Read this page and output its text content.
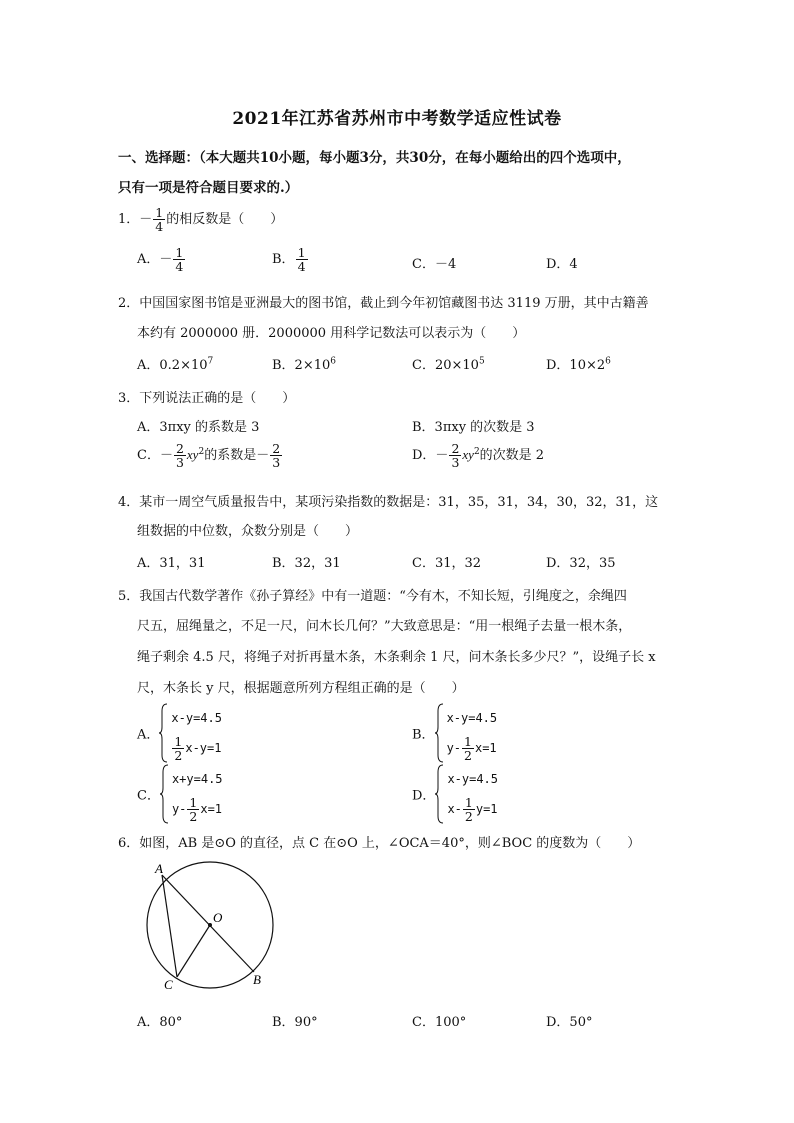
2021年江苏省苏州市中考数学适应性试卷
一、选择题：（本大题共10小题，每小题3分，共30分，在每小题给出的四个选项中，
只有一项是符合题目要求的.）
1．－ $\frac{1}{4}$ 的相反数是（　　）
A．－ $\frac{1}{4}$	B． $\frac{1}{4}$	C．－4	D．4
2．中国国家图书馆是亚洲最大的图书馆，截止到今年初馆藏图书达 3119 万册，其中古籍善
本约有 2000000 册．2000000 用科学记数法可以表示为（　　）
A．$0.2\times 10^7$	B．$2\times 10^6$	C．$20\times 10^5$	D．$10\times 2^6$
3．下列说法正确的是（　　）
A．3πxy 的系数是 3	B．3πxy 的次数是 3
C．－ $\frac{2}{3} xy^2$的系数是－ $\frac{2}{3}$	D．－ $\frac{2}{3} xy^2$的次数是 2
4．某市一周空气质量报告中，某项污染指数的数据是：31，35，31，34，30，32，31，这
组数据的中位数，众数分别是（　　）
A．31，31	B．32，31	C．31，32	D．32，35
5．我国古代数学著作《孙子算经》中有一道题：“今有木，不知长短，引绳度之，余绳四
尺五，屈绳量之，不足一尺，问木长几何？”大致意思是：“用一根绳子去量一根木条，
绳子剩余 4.5 尺，将绳子对折再量木条，木条剩余 1 尺，问木条长多少尺？”，设绳子长 x
尺，木条长 y 尺，根据题意所列方程组正确的是（　　）
A．
x-y=4.5
$\frac{1}{2} x-y=1$
B．
x-y=4.5
$y- \frac{1}{2} x=1$
C．
x+y=4.5
$y- \frac{1}{2} x=1$
D．
x-y=4.5
$x- \frac{1}{2} y=1$
6．如图，AB 是⊙O 的直径，点 C 在⊙O 上，∠OCA＝40°，则∠BOC 的度数为（　　）
A
B
C
O
A．80°	B．90°	C．100°	D．50°
